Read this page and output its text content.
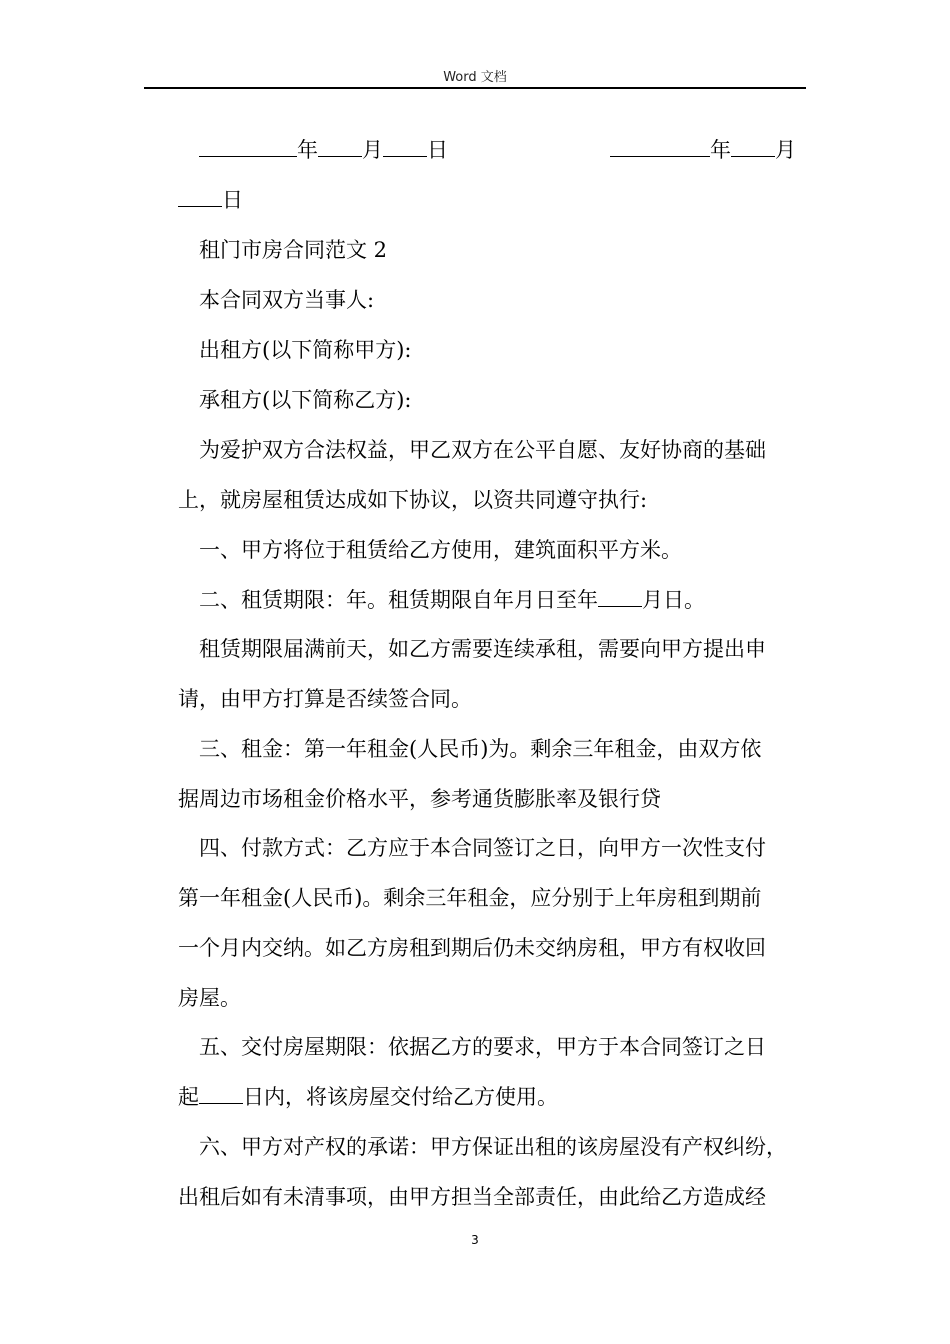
Word 文档
年 月 日	年 月
日
租门市房合同范文 2
本合同双方当事人:
出租方(以下简称甲方):
承租方(以下简称乙方):
为爱护双方合法权益，甲乙双方在公平自愿、友好协商的基础
上，就房屋租赁达成如下协议，以资共同遵守执行:
一、甲方将位于租赁给乙方使用，建筑面积平方米。
二、租赁期限：年。租赁期限自年月日至年 月日。
租赁期限届满前天，如乙方需要连续承租，需要向甲方提出申
请，由甲方打算是否续签合同。
三、租金：第一年租金(人民币)为。剩余三年租金，由双方依
据周边市场租金价格水平，参考通货膨胀率及银行贷
四、付款方式：乙方应于本合同签订之日，向甲方一次性支付
第一年租金(人民币)。剩余三年租金，应分别于上年房租到期前
一个月内交纳。如乙方房租到期后仍未交纳房租，甲方有权收回
房屋。
五、交付房屋期限：依据乙方的要求，甲方于本合同签订之日
起 日内，将该房屋交付给乙方使用。
六、甲方对产权的承诺：甲方保证出租的该房屋没有产权纠纷，
出租后如有未清事项，由甲方担当全部责任，由此给乙方造成经
3
